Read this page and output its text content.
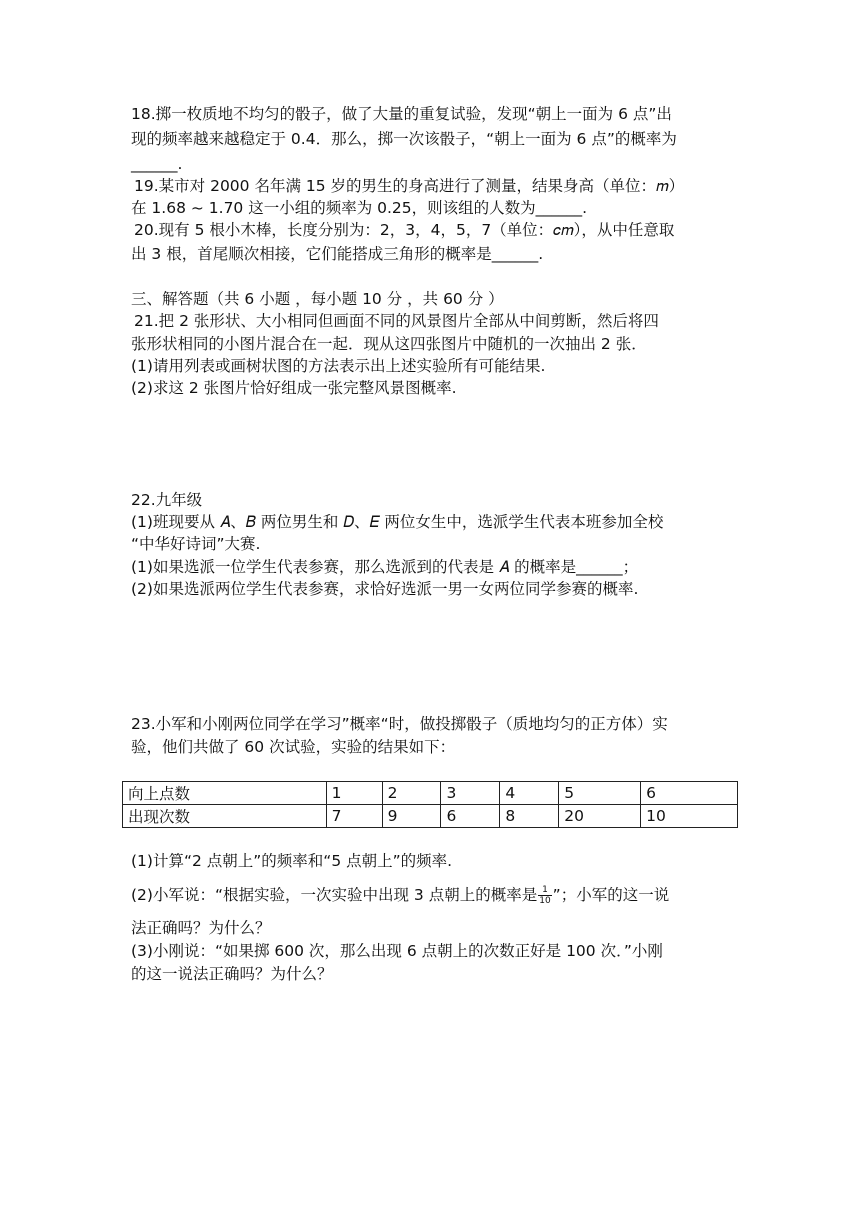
18.掷一枚质地不均匀的骰子，做了大量的重复试验，发现“朝上一面为 6 点”出
现的频率越来越稳定于 0.4．那么，掷一次该骰子，“朝上一面为 6 点”的概率为
______.
19.某市对 2000 名年满 15 岁的男生的身高进行了测量，结果身高（单位：𝑚）
在 1.68 ~ 1.70 这一小组的频率为 0.25，则该组的人数为______.
20.现有 5 根小木棒，长度分别为：2，3，4，5，7（单位：𝑐𝑚），从中任意取
出 3 根，首尾顺次相接，它们能搭成三角形的概率是______.
三、解答题（共 6 小题 ，每小题 10 分 ，共 60 分 ）
21.把 2 张形状、大小相同但画面不同的风景图片全部从中间剪断，然后将四
张形状相同的小图片混合在一起．现从这四张图片中随机的一次抽出 2 张．
(1)请用列表或画树状图的方法表示出上述实验所有可能结果.
(2)求这 2 张图片恰好组成一张完整风景图概率.
22.九年级
(1)班现要从 𝐴、𝐵 两位男生和 𝐷、𝐸 两位女生中，选派学生代表本班参加全校
“中华好诗词”大赛.
(1)如果选派一位学生代表参赛，那么选派到的代表是 𝐴 的概率是______；
(2)如果选派两位学生代表参赛，求恰好选派一男一女两位同学参赛的概率.
23.小军和小刚两位同学在学习”概率“时，做投掷骰子（质地均匀的正方体）实
验，他们共做了 60 次试验，实验的结果如下：
向上点数	1	2	3	4	5	6
出现次数	7	9	6	8	20	10
(1)计算“2 点朝上”的频率和“5 点朝上”的频率.
(2)小军说：“根据实验，一次实验中出现 3 点朝上的概率是 $\frac{1}{10}$ ”；小军的这一说
法正确吗？为什么？
(3)小刚说：“如果掷 600 次，那么出现 6 点朝上的次数正好是 100 次．”小刚
的这一说法正确吗？为什么？
